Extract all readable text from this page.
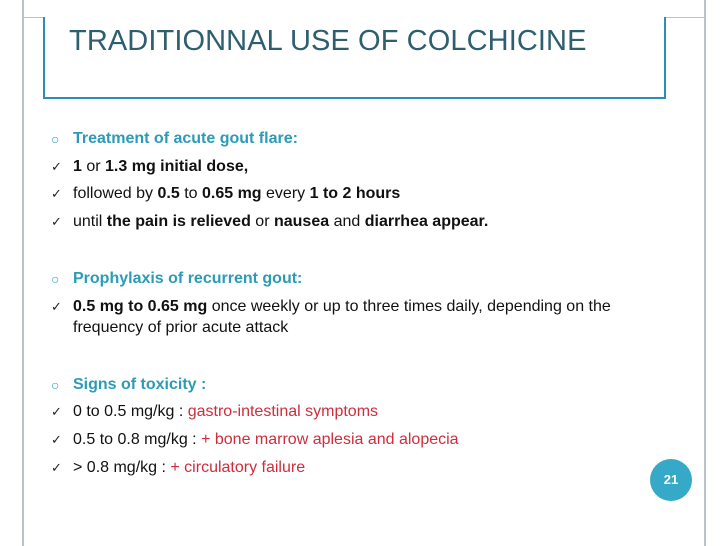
TRADITIONNAL USE OF COLCHICINE
○ Treatment of acute gout flare:
✓ 1 or 1.3 mg initial dose,
✓ followed by 0.5 to 0.65 mg every 1 to 2 hours
✓ until the pain is relieved or nausea and diarrhea appear.
○ Prophylaxis of recurrent gout:
✓ 0.5 mg to 0.65 mg once weekly or up to three times daily, depending on the
frequency of prior acute attack
○ Signs of toxicity :
✓ 0 to 0.5 mg/kg : gastro-intestinal symptoms
✓ 0.5 to 0.8 mg/kg : + bone marrow aplesia and alopecia
✓ > 0.8 mg/kg : + circulatory failure
21
